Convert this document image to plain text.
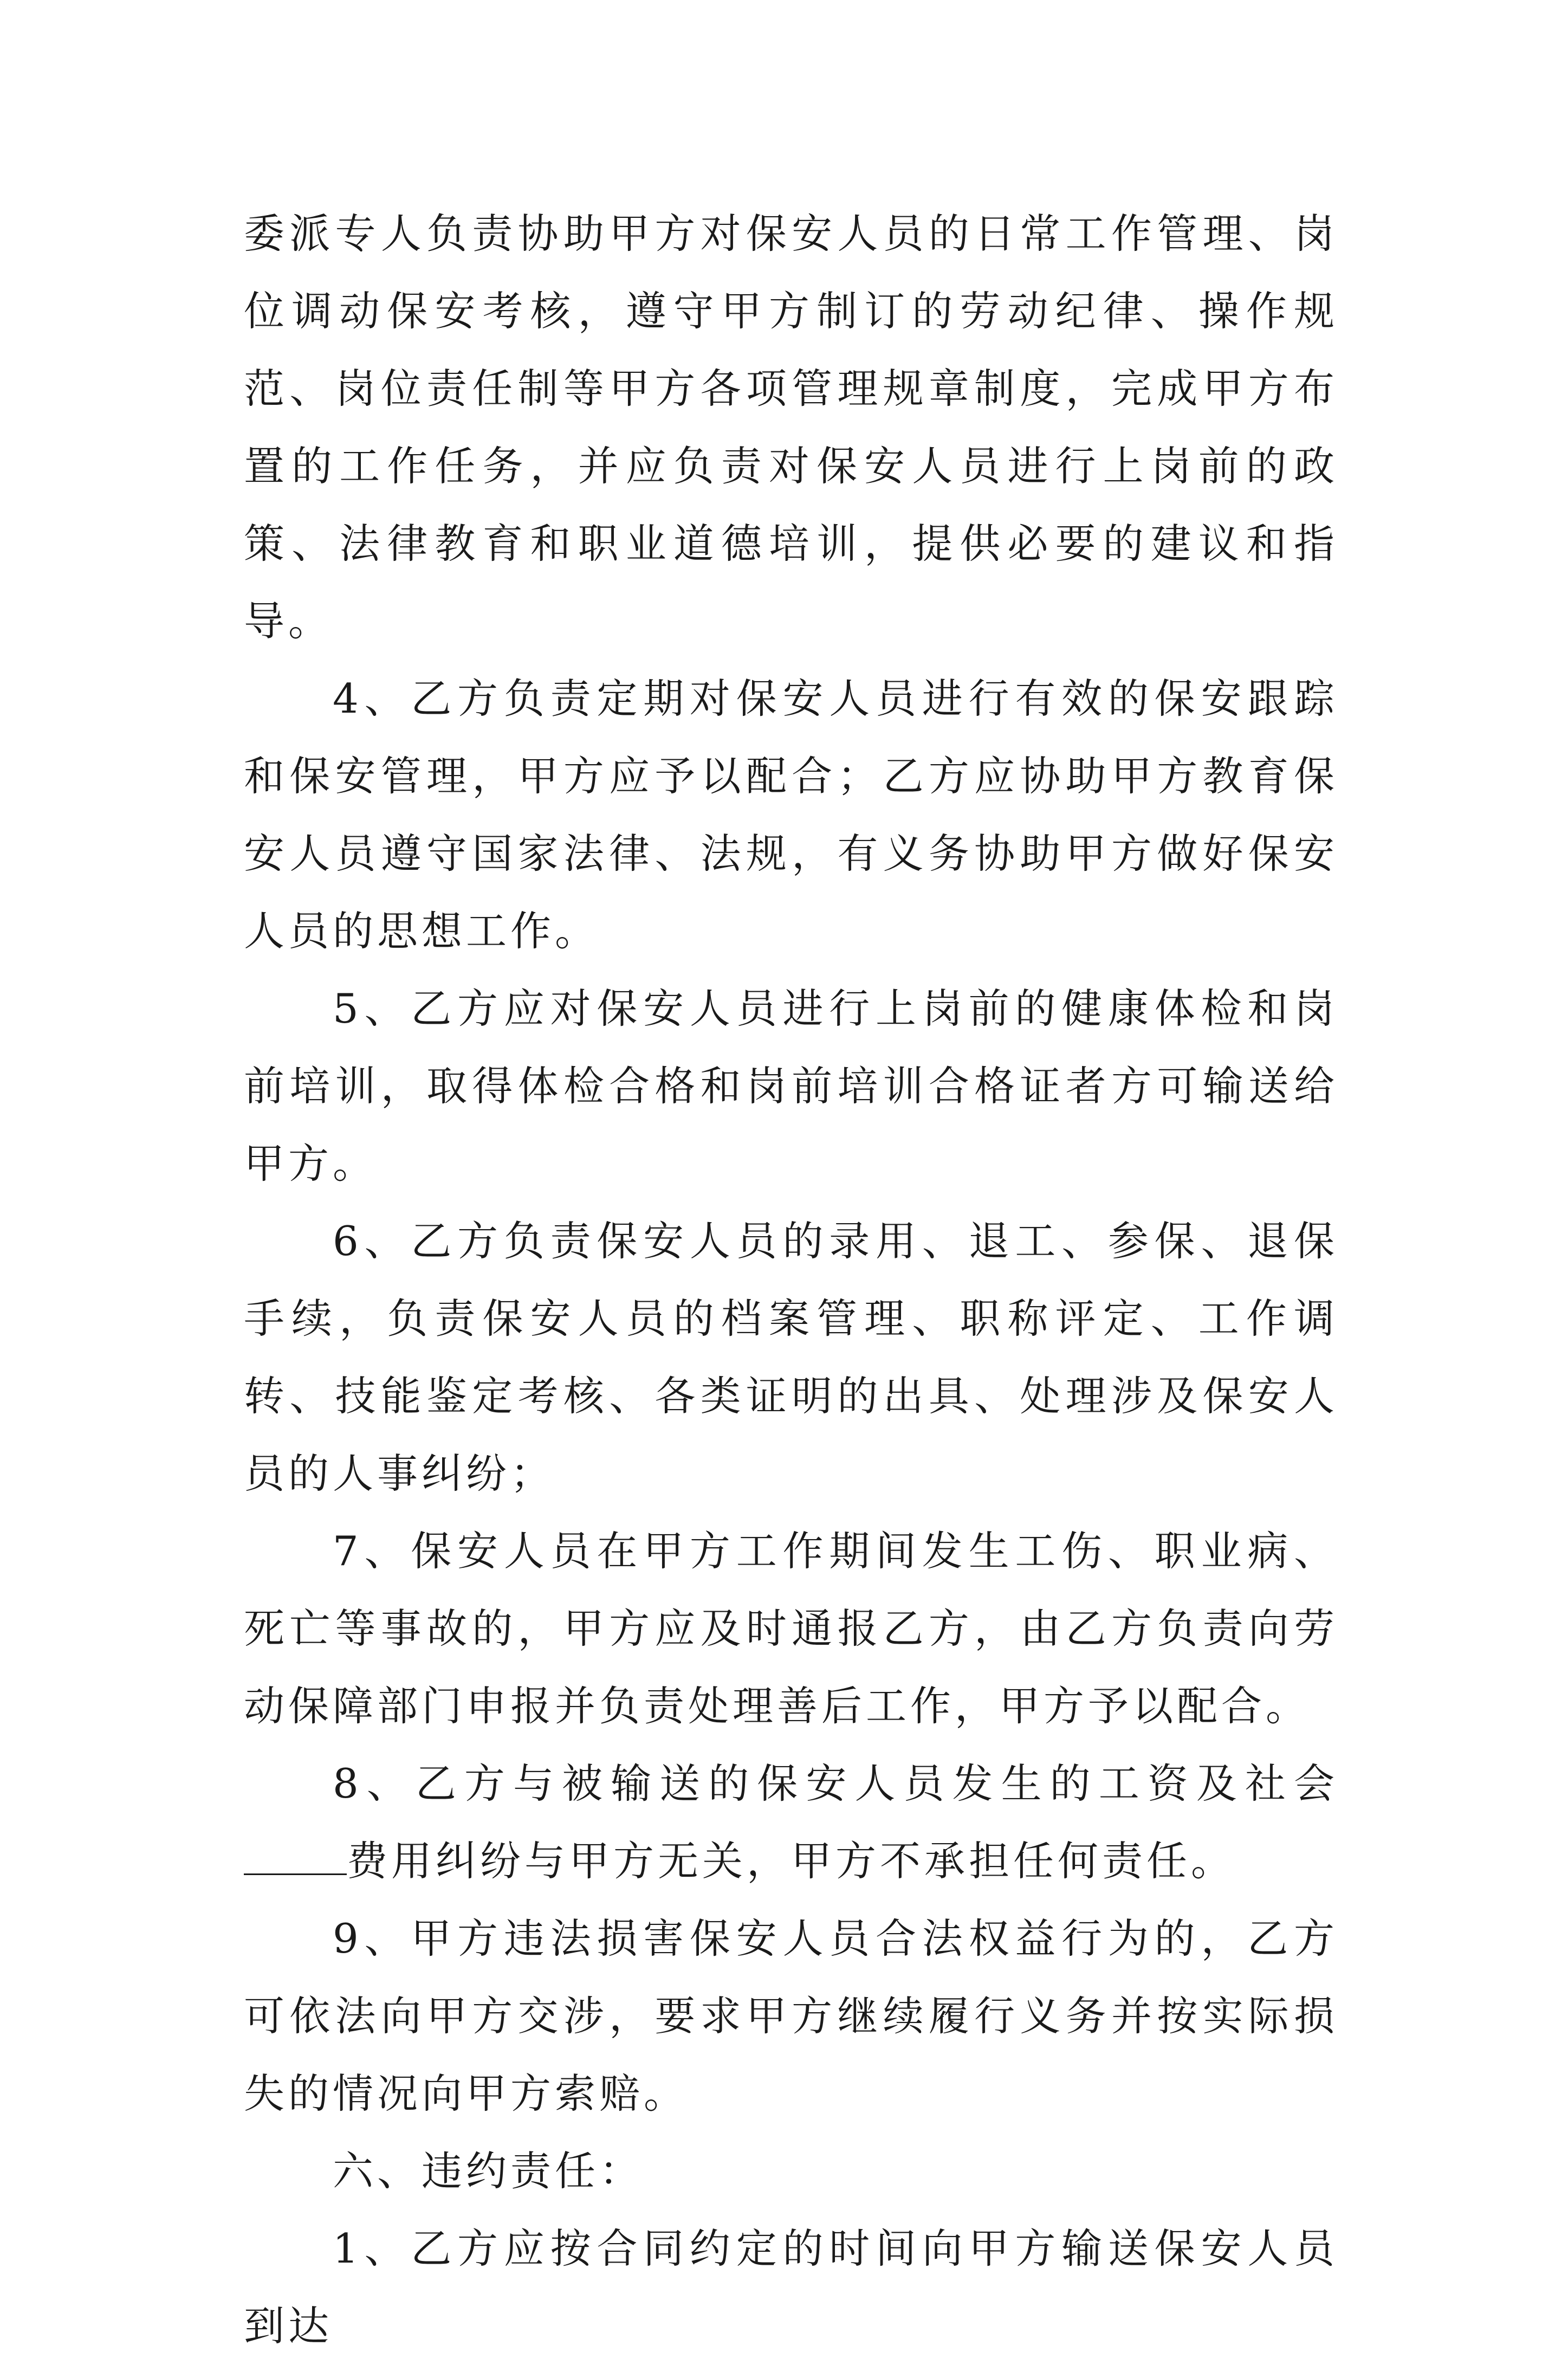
委派专人负责协助甲方对保安人员的日常工作管理、岗位调动保安考核，遵守甲方制订的劳动纪律、操作规范、岗位责任制等甲方各项管理规章制度，完成甲方布置的工作任务，并应负责对保安人员进行上岗前的政策、法律教育和职业道德培训，提供必要的建议和指导。

4、乙方负责定期对保安人员进行有效的保安跟踪和保安管理，甲方应予以配合；乙方应协助甲方教育保安人员遵守国家法律、法规，有义务协助甲方做好保安人员的思想工作。

5、乙方应对保安人员进行上岗前的健康体检和岗前培训，取得体检合格和岗前培训合格证者方可输送给甲方。

6、乙方负责保安人员的录用、退工、参保、退保手续，负责保安人员的档案管理、职称评定、工作调转、技能鉴定考核、各类证明的出具、处理涉及保安人员的人事纠纷；

7、保安人员在甲方工作期间发生工伤、职业病、死亡等事故的，甲方应及时通报乙方，由乙方负责向劳动保障部门申报并负责处理善后工作，甲方予以配合。

8、乙方与被输送的保安人员发生的工资及社会费用纠纷与甲方无关，甲方不承担任何责任。

9、甲方违法损害保安人员合法权益行为的，乙方可依法向甲方交涉，要求甲方继续履行义务并按实际损失的情况向甲方索赔。

六、违约责任：

1、乙方应按合同约定的时间向甲方输送保安人员到达
